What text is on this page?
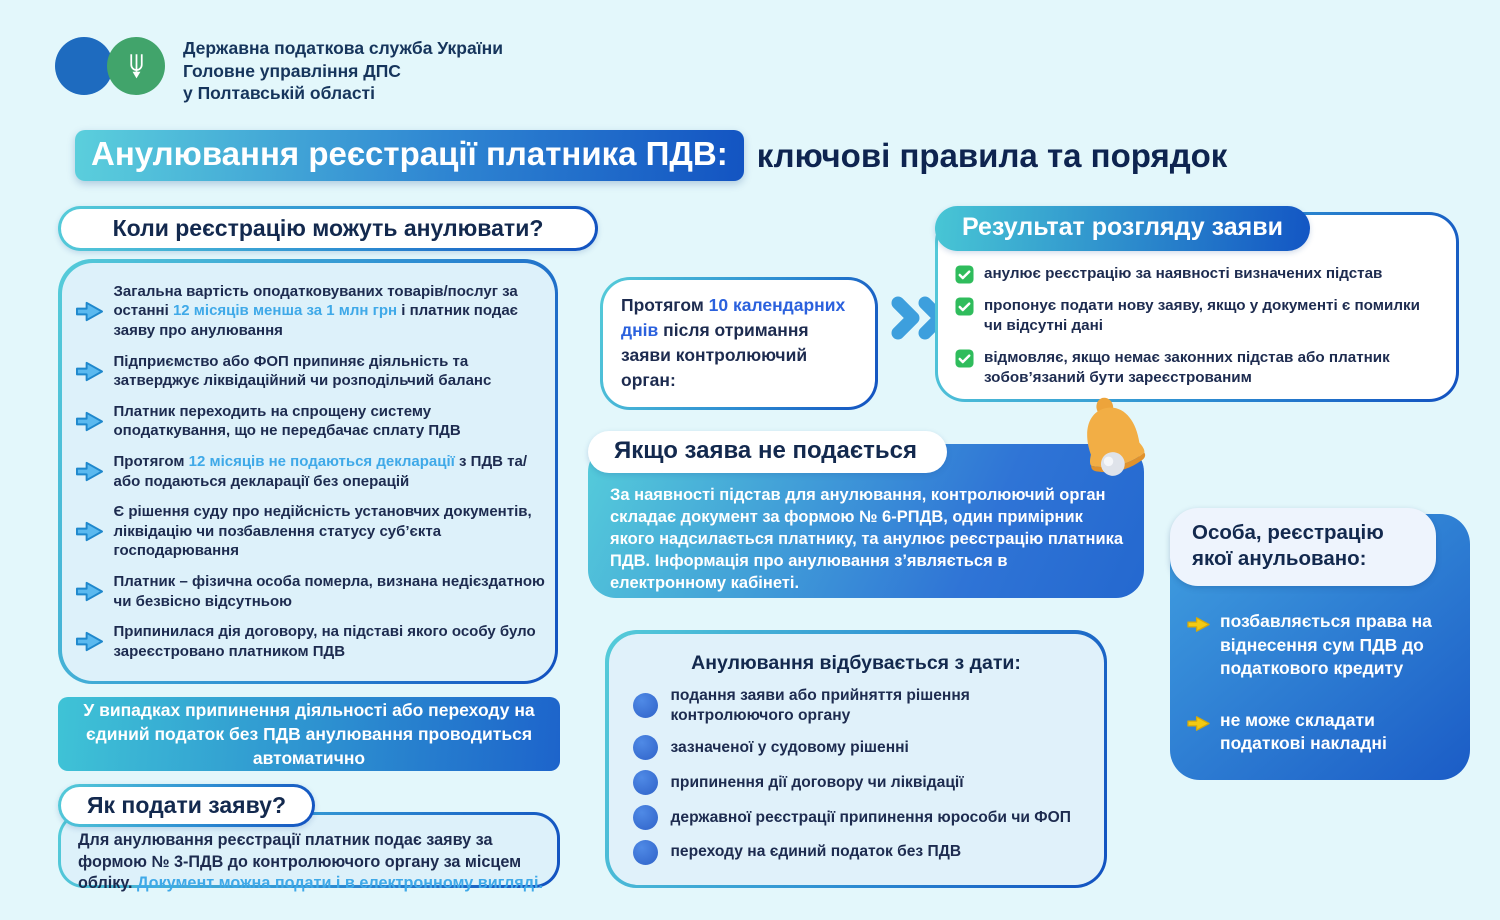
Державна податкова служба України
Головне управління ДПС
у Полтавській області
Анулювання реєстрації платника ПДВ: ключові правила та порядок
Коли реєстрацію можуть анулювати?

Загальна вартість оподатковуваних товарів/послуг за останні 12 місяців менша за 1 млн грн і платник подає заяву про анулювання

Підприємство або ФОП припиняє діяльність та затверджує ліквідаційний чи розподільчий баланс

Платник переходить на спрощену систему оподаткування, що не передбачає сплату ПДВ

Протягом 12 місяців не подаються декларації з ПДВ та/або подаються декларації без операцій

Є рішення суду про недійсність установчих документів, ліквідацію чи позбавлення статусу суб’єкта господарювання

Платник – фізична особа померла, визнана недієздатною чи безвісно відсутньою

Припинилася дія договору, на підставі якого особу було зареєстровано платником ПДВ

У випадках припинення діяльності або переходу на єдиний податок без ПДВ анулювання проводиться автоматично
Як подати заяву?
Для анулювання реєстрації платник подає заяву за формою № 3-ПДВ до контролюючого органу за місцем обліку. Документ можна подати і в електронному вигляді.
Протягом 10 календарних днів після отримання заяви контролюючий орган:
Результат розгляду заяви

анулює реєстрацію за наявності визначених підстав

пропонує подати нову заяву, якщо у документі є помилки чи відсутні дані

відмовляє, якщо немає законних підстав або платник зобов’язаний бути зареєстрованим

За наявності підстав для анулювання, контролюючий орган складає документ за формою № 6-РПДВ, один примірник якого надсилається платнику, та анулює реєстрацію платника ПДВ. Інформація про анулювання з’являється в електронному кабінеті.

Якщо заява не подається
Анулювання відбувається з дати:

подання заяви або прийняття рішення контролюючого органу

зазначеної у судовому рішенні

припинення дії договору чи ліквідації

державної реєстрації припинення юрособи чи ФОП

переходу на єдиний податок без ПДВ

позбавляється права на віднесення сум ПДВ до податкового кредиту

не може складати податкові накладні

Особа, реєстрацію якої анульовано:
